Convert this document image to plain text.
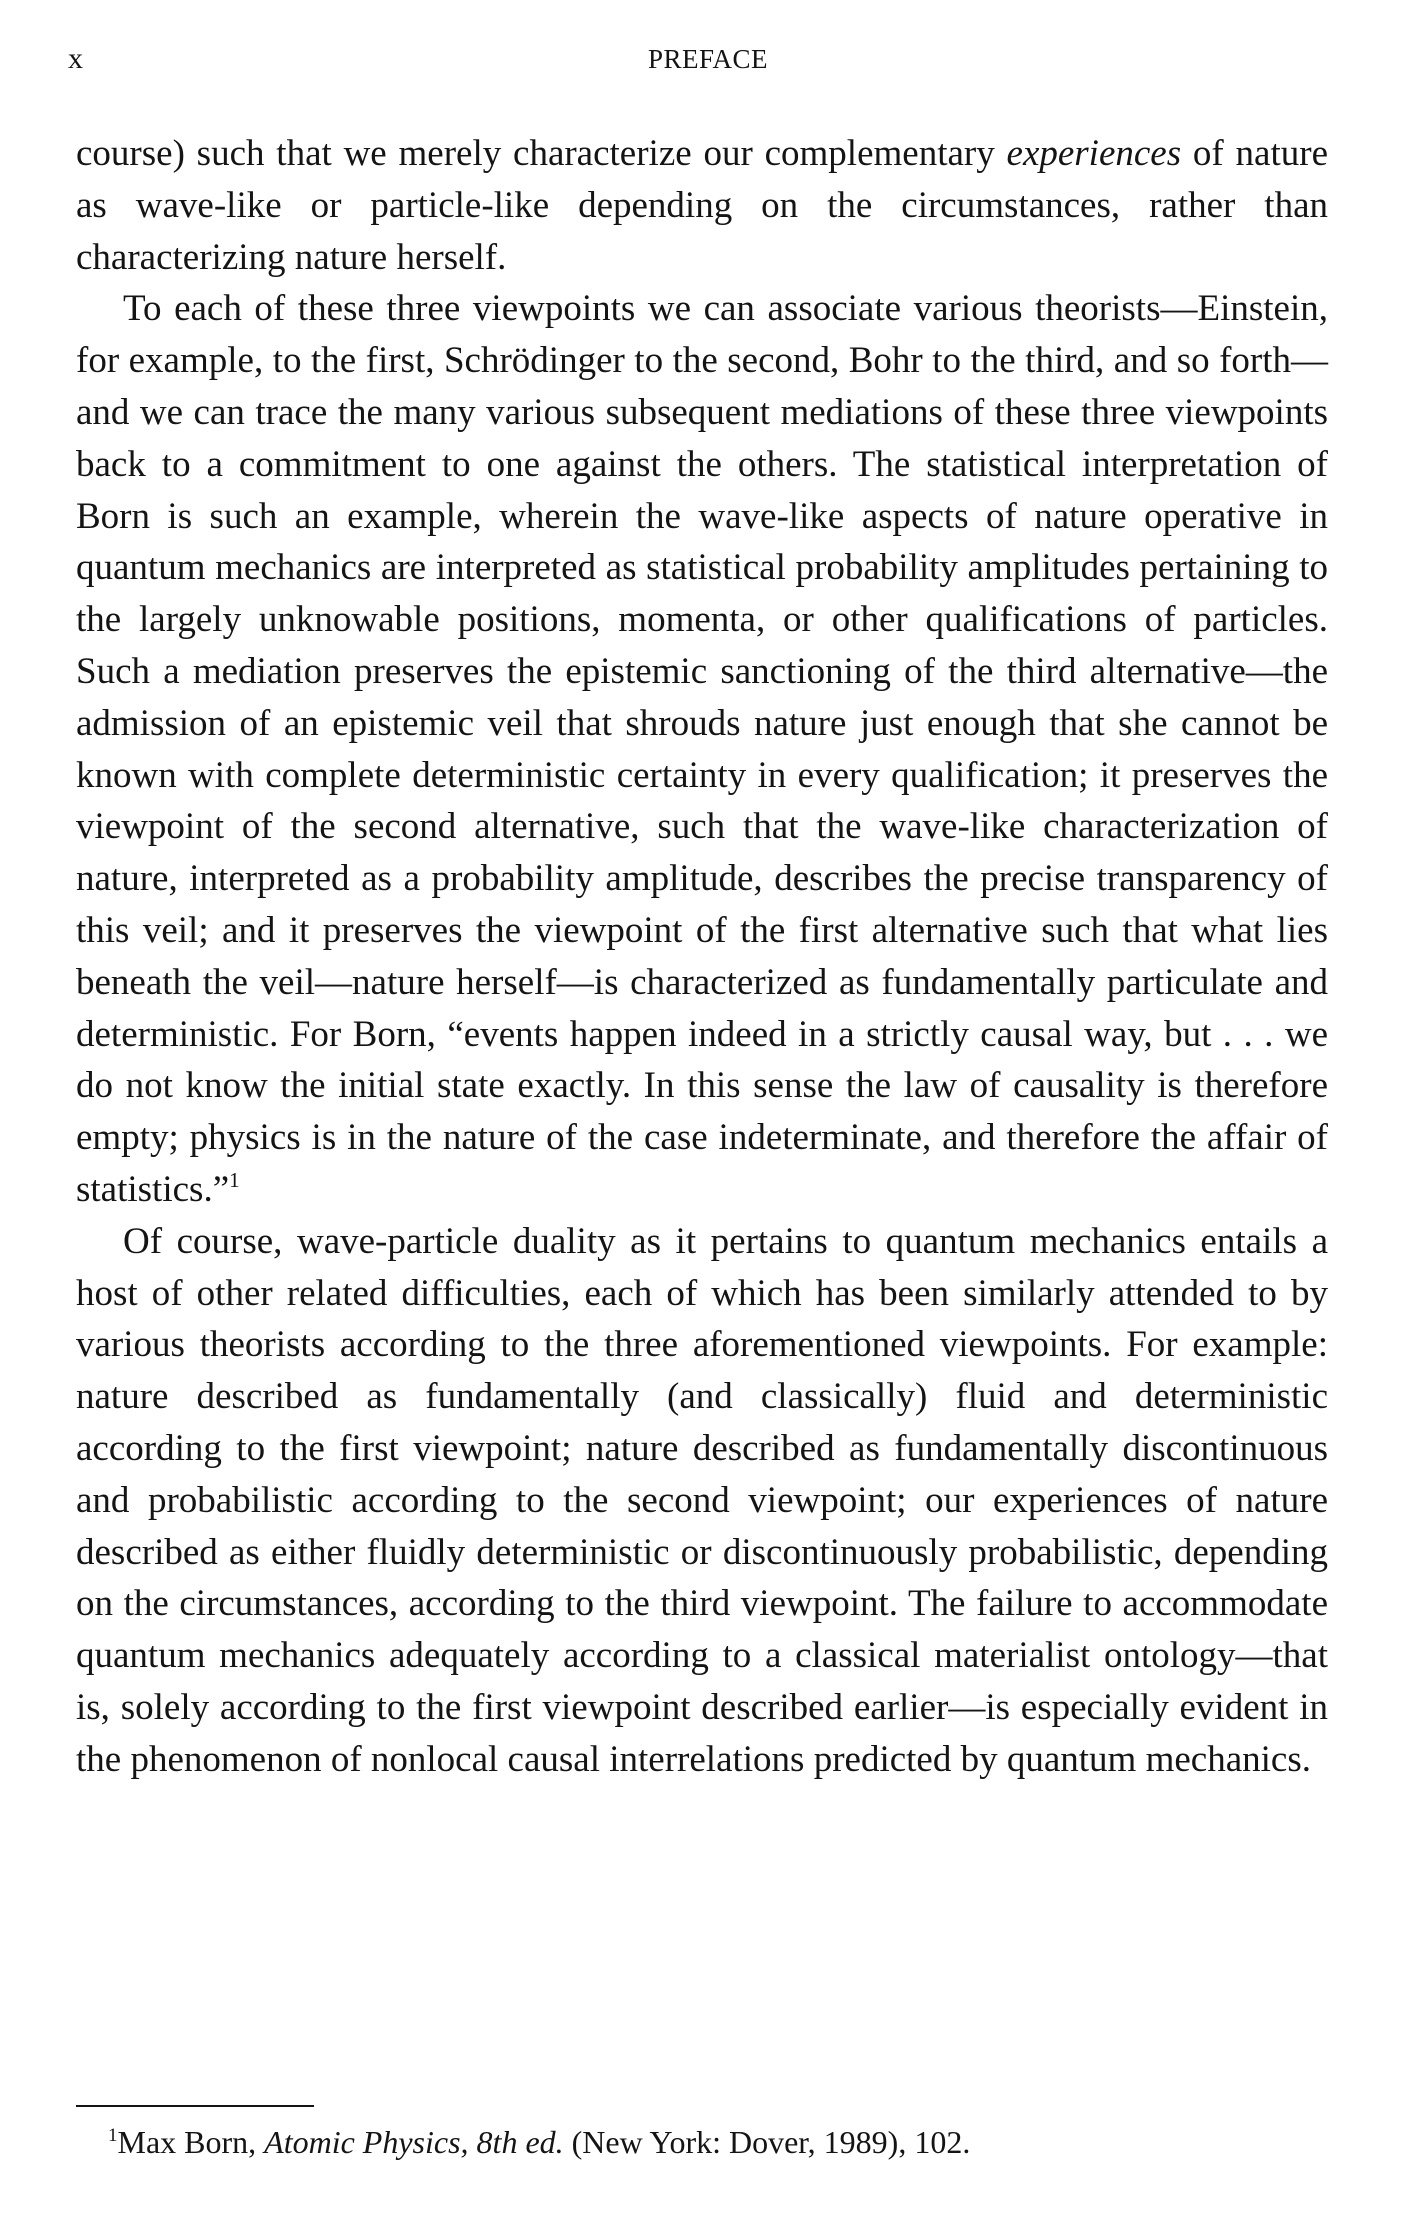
x	PREFACE

course) such that we merely characterize our complementary experiences of nature as wave-like or particle-like depending on the circumstances, rather than characterizing nature herself.

To each of these three viewpoints we can associate various theorists—Einstein, for example, to the first, Schrödinger to the second, Bohr to the third, and so forth—and we can trace the many various subsequent mediations of these three viewpoints back to a commitment to one against the others. The statistical interpretation of Born is such an example, wherein the wave-like aspects of nature operative in quantum mechanics are interpreted as statistical probability amplitudes pertaining to the largely unknowable positions, momenta, or other qualifications of particles. Such a mediation preserves the epistemic sanctioning of the third alternative—the admission of an epistemic veil that shrouds nature just enough that she cannot be known with complete deterministic certainty in every qualification; it preserves the viewpoint of the second alternative, such that the wave-like characterization of nature, interpreted as a probability amplitude, describes the precise transparency of this veil; and it preserves the viewpoint of the first alternative such that what lies beneath the veil—nature herself—is characterized as fundamentally particulate and deterministic. For Born, “events happen indeed in a strictly causal way, but . . . we do not know the initial state exactly. In this sense the law of causality is therefore empty; physics is in the nature of the case indeterminate, and therefore the affair of statistics.”$^1$

Of course, wave-particle duality as it pertains to quantum mechanics entails a host of other related difficulties, each of which has been similarly attended to by various theorists according to the three aforementioned viewpoints. For example: nature described as fundamentally (and classically) fluid and deterministic according to the first viewpoint; nature described as fundamentally discontinuous and probabilistic according to the second viewpoint; our experiences of nature described as either fluidly deterministic or discontinuously probabilistic, depending on the circumstances, according to the third viewpoint. The failure to accommodate quantum mechanics adequately according to a classical materialist ontology—that is, solely according to the first viewpoint described earlier—is especially evident in the phenomenon of nonlocal causal interrelations predicted by quantum mechanics.

$^1$Max Born, Atomic Physics, 8th ed. (New York: Dover, 1989), 102.
